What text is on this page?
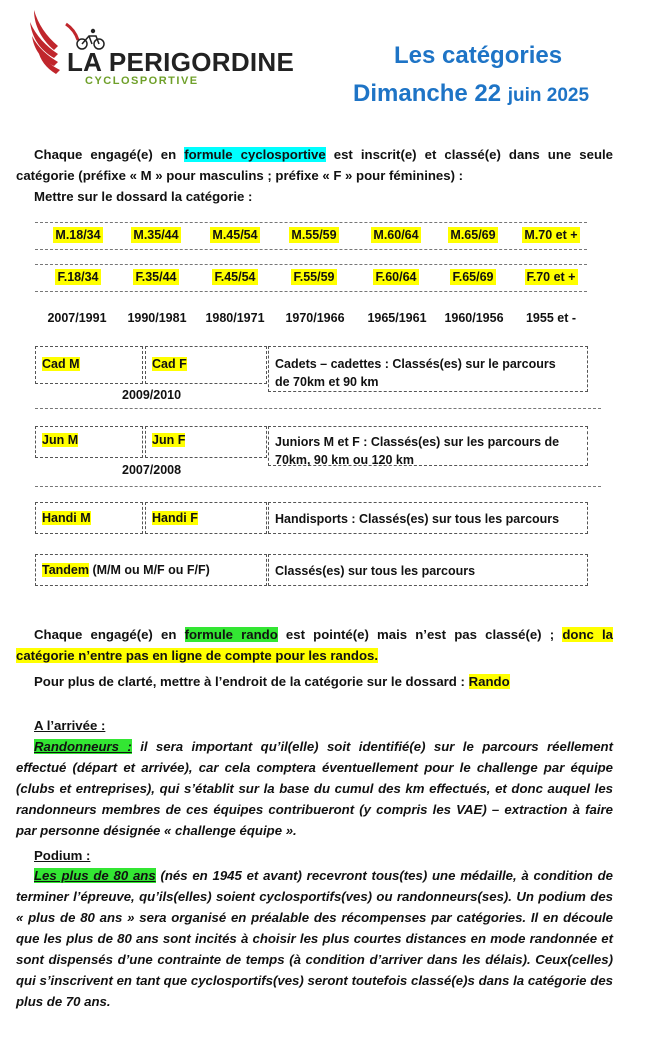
LA PERIGORDINE
CYCLOSPORTIVE
Les catégories
Dimanche 22 juin 2025
Chaque engagé(e) en formule cyclosportive est inscrit(e) et classé(e) dans une seule catégorie (préfixe « M » pour masculins ; préfixe « F » pour féminines) :
Mettre sur le dossard la catégorie :
M.18/34	M.35/44	M.45/54	M.55/59	M.60/64	M.65/69	M.70 et +
F.18/34	F.35/44	F.45/54	F.55/59	F.60/64	F.65/69	F.70 et +
2007/1991	1990/1981	1980/1971	1970/1966	1965/1961	1960/1956	1955 et -
Cad M	Cad F	Cadets – cadettes : Classés(es) sur le parcours de 70km et 90 km
2009/2010
Jun M	Jun F	Juniors M et F : Classés(es) sur les parcours de 70km, 90 km ou 120 km
2007/2008
Handi M	Handi F	Handisports : Classés(es) sur tous les parcours
Tandem (M/M ou M/F ou F/F)	Classés(es) sur tous les parcours
Chaque engagé(e) en formule rando est pointé(e) mais n’est pas classé(e) ; donc la catégorie n’entre pas en ligne de compte pour les randos.
Pour plus de clarté, mettre à l’endroit de la catégorie sur le dossard : Rando
A l’arrivée :
Randonneurs : il sera important qu’il(elle) soit identifié(e) sur le parcours réellement effectué (départ et arrivée), car cela comptera éventuellement pour le challenge par équipe (clubs et entreprises), qui s’établit sur la base du cumul des km effectués, et donc auquel les randonneurs membres de ces équipes contribueront (y compris les VAE) – extraction à faire par personne désignée « challenge équipe ».
Podium :
Les plus de 80 ans (nés en 1945 et avant) recevront tous(tes) une médaille, à condition de terminer l’épreuve, qu’ils(elles) soient cyclosportifs(ves) ou randonneurs(ses). Un podium des « plus de 80 ans » sera organisé en préalable des récompenses par catégories. Il en découle que les plus de 80 ans sont incités à choisir les plus courtes distances en mode randonnée et sont dispensés d’une contrainte de temps (à condition d’arriver dans les délais). Ceux(celles) qui s’inscrivent en tant que cyclosportifs(ves) seront toutefois classé(e)s dans la catégorie des plus de 70 ans.
